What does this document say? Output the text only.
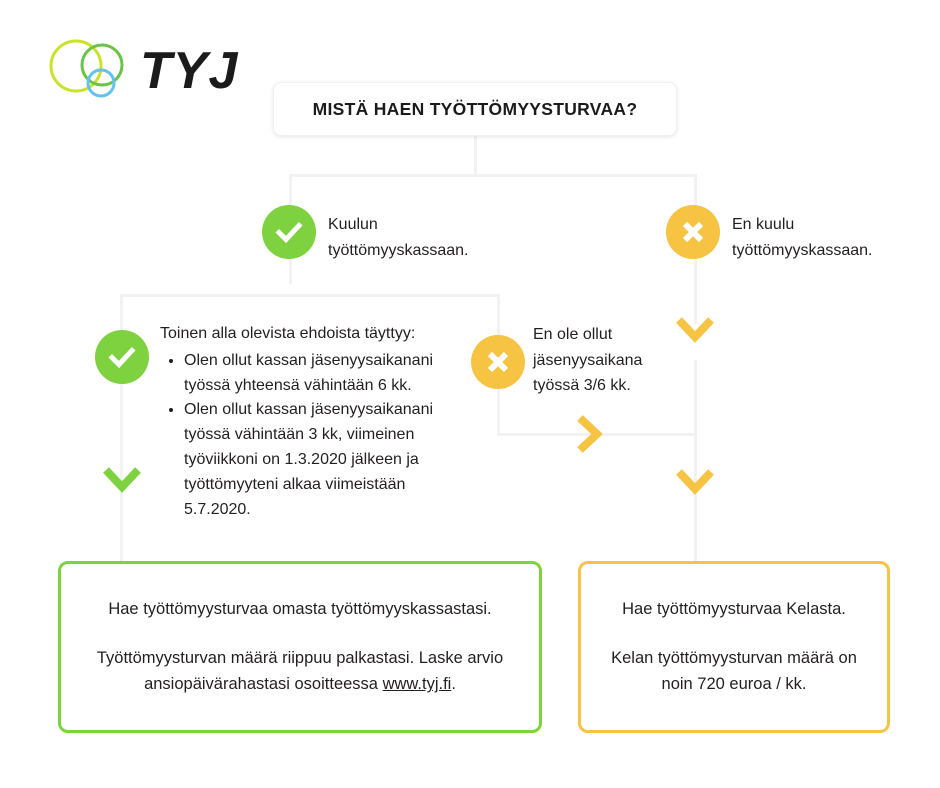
TYJ
MISTÄ HAEN TYÖTTÖMYYSTURVAA?
Kuulun
työttömyyskassaan.
En kuulu
työttömyyskassaan.
Toinen alla olevista ehdoista täyttyy:
• Olen ollut kassan jäsenyysaikanani työssä yhteensä vähintään 6 kk.
• Olen ollut kassan jäsenyysaikanani työssä vähintään 3 kk, viimeinen työviikkoni on 1.3.2020 jälkeen ja työttömyyteni alkaa viimeistään 5.7.2020.
En ole ollut
jäsenyysaikana
työssä 3/6 kk.

Hae työttömyysturvaa omasta työttömyyskassastasi.

Työttömyysturvan määrä riippuu palkastasi. Laske arvio ansiopäivärahastasi osoitteessa www.tyj.fi.

Hae työttömyysturvaa Kelasta.

Kelan työttömyysturvan määrä on noin 720 euroa / kk.
